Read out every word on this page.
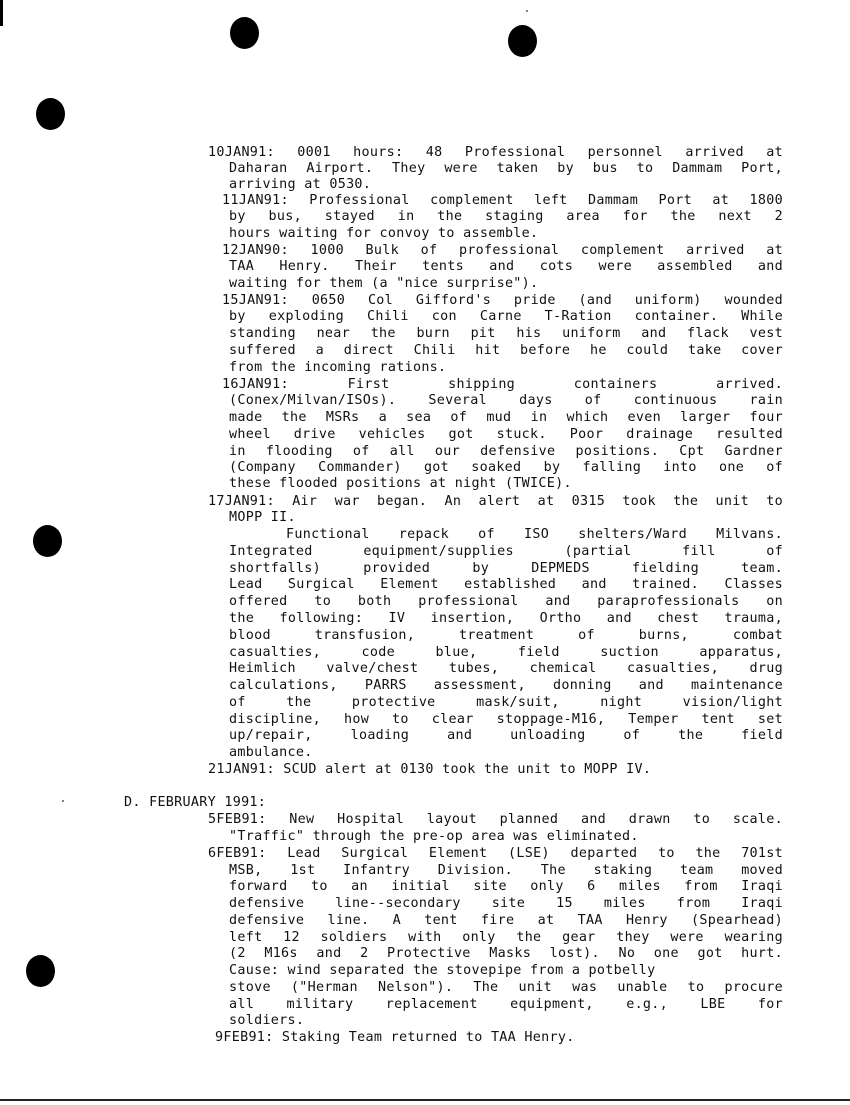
10JAN91: 0001 hours: 48 Professional personnel arrived at
Daharan Airport. They were taken by bus to Dammam Port,
arriving at 0530.
11JAN91: Professional complement left Dammam Port at 1800
by bus, stayed in the staging area for the next 2
hours waiting for convoy to assemble.
12JAN90: 1000 Bulk of professional complement arrived at
TAA Henry. Their tents and cots were assembled and
waiting for them (a "nice surprise").
15JAN91: 0650 Col Gifford's pride (and uniform) wounded
by exploding Chili con Carne T-Ration container. While
standing near the burn pit his uniform and flack vest
suffered a direct Chili hit before he could take cover
from the incoming rations.
16JAN91: First shipping containers arrived.
(Conex/Milvan/ISOs). Several days of continuous rain
made the MSRs a sea of mud in which even larger four
wheel drive vehicles got stuck. Poor drainage resulted
in flooding of all our defensive positions. Cpt Gardner
(Company Commander) got soaked by falling into one of
these flooded positions at night (TWICE).
17JAN91: Air war began. An alert at 0315 took the unit to
MOPP II.
Functional repack of ISO shelters/Ward Milvans.
Integrated equipment/supplies (partial fill of
shortfalls) provided by DEPMEDS fielding team.
Lead Surgical Element established and trained. Classes
offered to both professional and paraprofessionals on
the following: IV insertion, Ortho and chest trauma,
blood transfusion, treatment of burns, combat
casualties, code blue, field suction apparatus,
Heimlich valve/chest tubes, chemical casualties, drug
calculations, PARRS assessment, donning and maintenance
of the protective mask/suit, night vision/light
discipline, how to clear stoppage-M16, Temper tent set
up/repair, loading and unloading of the field
ambulance.
21JAN91: SCUD alert at 0130 took the unit to MOPP IV.
D. FEBRUARY 1991:
5FEB91: New Hospital layout planned and drawn to scale.
"Traffic" through the pre-op area was eliminated.
6FEB91: Lead Surgical Element (LSE) departed to the 701st
MSB, 1st Infantry Division. The staking team moved
forward to an initial site only 6 miles from Iraqi
defensive line--secondary site 15 miles from Iraqi
defensive line. A tent fire at TAA Henry (Spearhead)
left 12 soldiers with only the gear they were wearing
(2 M16s and 2 Protective Masks lost). No one got hurt.
Cause: wind separated the stovepipe from a potbelly
stove ("Herman Nelson"). The unit was unable to procure
all military replacement equipment, e.g., LBE for
soldiers.
9FEB91: Staking Team returned to TAA Henry.
